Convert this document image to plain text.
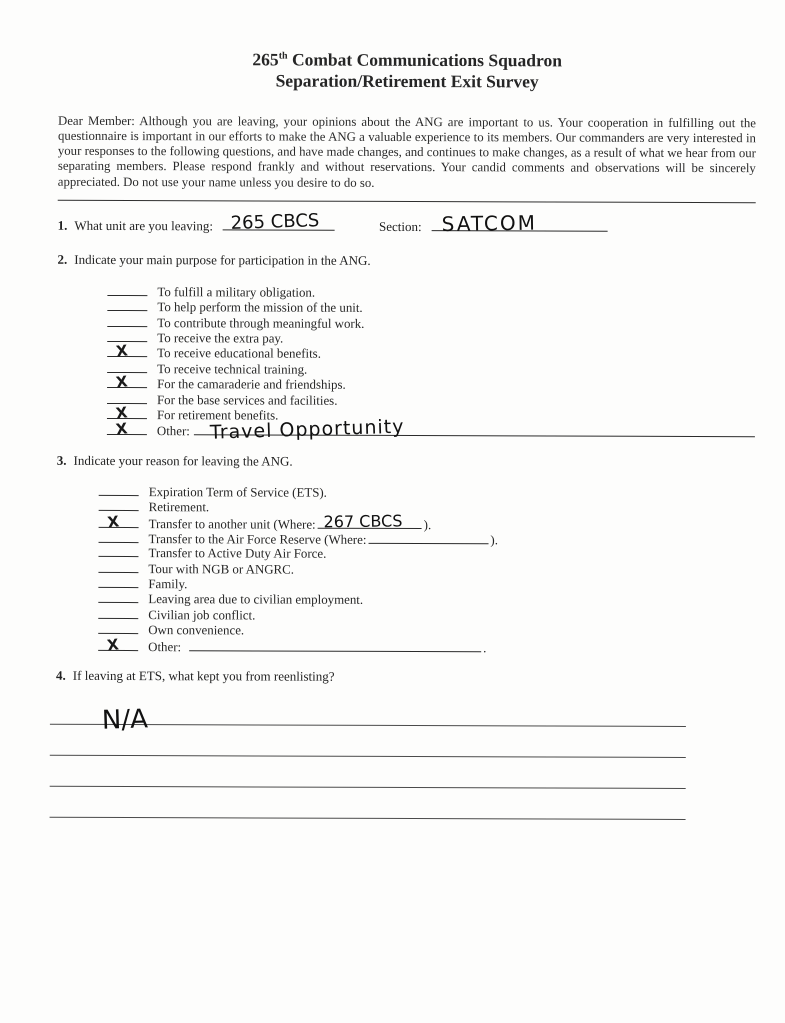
265th Combat Communications Squadron
Separation/Retirement Exit Survey

Dear Member: Although you are leaving, your opinions about the ANG are important to us. Your cooperation in fulfilling out the questionnaire is important in our efforts to make the ANG a valuable experience to its members. Our commanders are very interested in your responses to the following questions, and have made changes, and continues to make changes, as a result of what we hear from our separating members. Please respond frankly and without reservations. Your candid comments and observations will be sincerely appreciated. Do not use your name unless you desire to do so.

1. What unit are you leaving: 265 CBCS	Section: SATCOM
2. Indicate your main purpose for participation in the ANG.
To fulfill a military obligation.
To help perform the mission of the unit.
To contribute through meaningful work.
To receive the extra pay.
X To receive educational benefits.
To receive technical training.
X For the camaraderie and friendships.
For the base services and facilities.
X For retirement benefits.
X Other: Travel Opportunity
3. Indicate your reason for leaving the ANG.
Expiration Term of Service (ETS).
Retirement.
X Transfer to another unit (Where: 267 CBCS ).
Transfer to the Air Force Reserve (Where:	).
Transfer to Active Duty Air Force.
Tour with NGB or ANGRC.
Family.
Leaving area due to civilian employment.
Civilian job conflict.
Own convenience.
X Other:	.
4. If leaving at ETS, what kept you from reenlisting?
N/A
